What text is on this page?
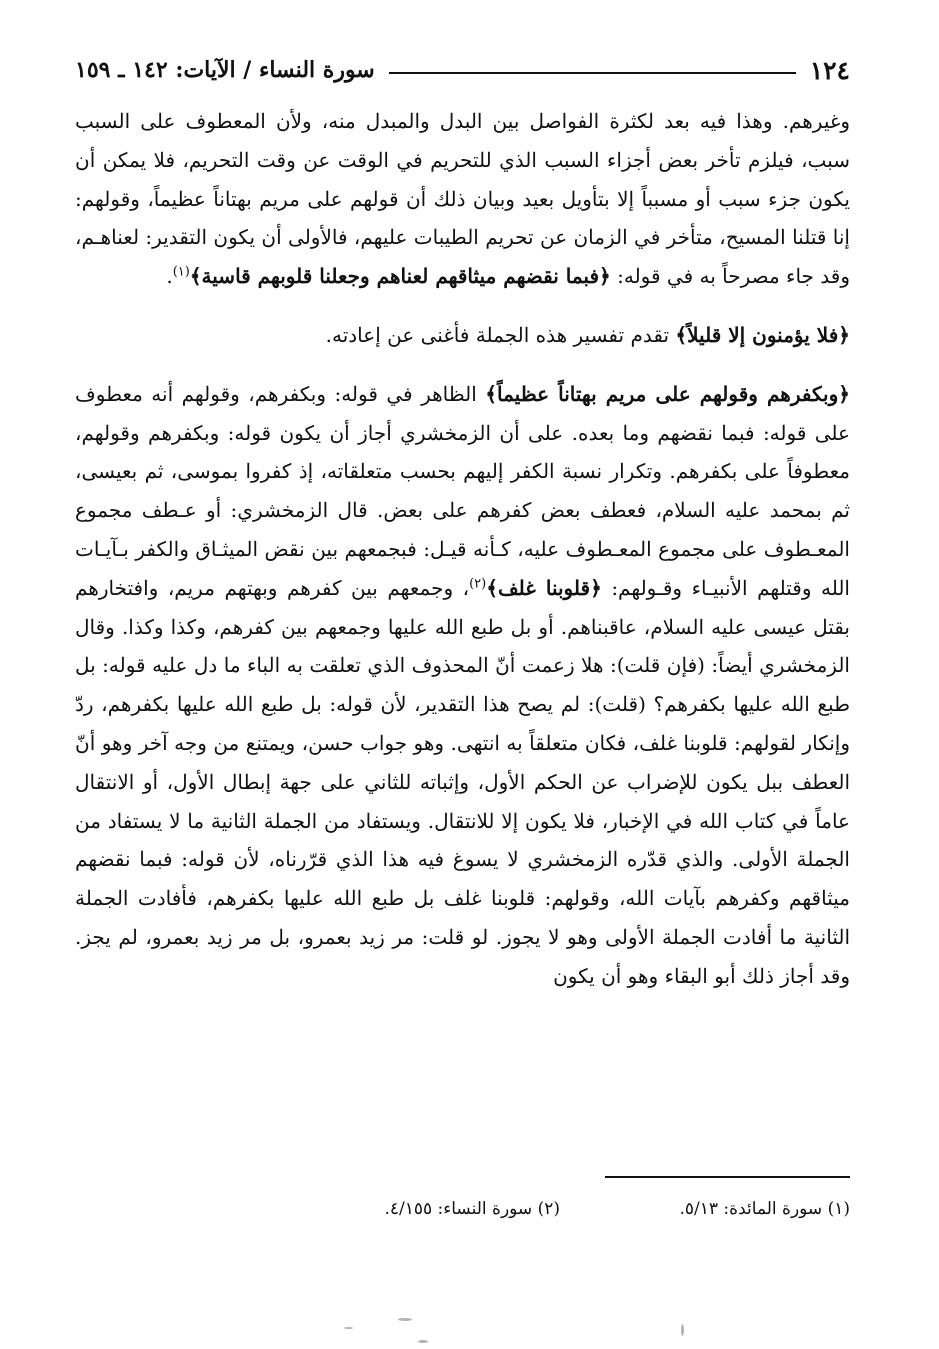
١٢٤
سورة النساء / الآيات: ١٤٢ ـ ١٥٩

وغيرهم. وهذا فيه بعد لكثرة الفواصل بين البدل والمبدل منه، ولأن المعطوف على السبب سبب، فيلزم تأخر بعض أجزاء السبب الذي للتحريم في الوقت عن وقت التحريم، فلا يمكن أن يكون جزء سبب أو مسبباً إلا بتأويل بعيد وبيان ذلك أن قولهم على مريم بهتاناً عظيماً، وقولهم: إنا قتلنا المسيح، متأخر في الزمان عن تحريم الطيبات عليهم، فالأولى أن يكون التقدير: لعناهـم، وقد جاء مصرحاً به في قوله: ﴿فبما نقضهم ميثاقهم لعناهم وجعلنا قلوبهم قاسية﴾$^{(١)}$.

﴿فلا يؤمنون إلا قليلاً﴾ تقدم تفسير هذه الجملة فأغنى عن إعادته.

﴿وبكفرهم وقولهم على مريم بهتاناً عظيماً﴾ الظاهر في قوله: وبكفرهم، وقولهم أنه معطوف على قوله: فبما نقضهم وما بعده. على أن الزمخشري أجاز أن يكون قوله: وبكفرهم وقولهم، معطوفاً على بكفرهم. وتكرار نسبة الكفر إليهم بحسب متعلقاته، إذ كفروا بموسى، ثم بعيسى، ثم بمحمد عليه السلام، فعطف بعض كفرهم على بعض. قال الزمخشري: أو عـطف مجموع المعـطوف على مجموع المعـطوف عليه، كـأنه قيـل: فبجمعهم بين نقض الميثـاق والكفر بـآيـات الله وقتلهم الأنبيـاء وقـولهم: ﴿قلوبنا غلف﴾$^{(٢)}$، وجمعهم بين كفرهم وبهتهم مريم، وافتخارهم بقتل عيسى عليه السلام، عاقبناهم. أو بل طبع الله عليها وجمعهم بين كفرهم، وكذا وكذا. وقال الزمخشري أيضاً: (فإن قلت): هلا زعمت أنّ المحذوف الذي تعلقت به الباء ما دل عليه قوله: بل طبع الله عليها بكفرهم؟ (قلت): لم يصح هذا التقدير، لأن قوله: بل طبع الله عليها بكفرهم، ردّ وإنكار لقولهم: قلوبنا غلف، فكان متعلقاً به انتهى. وهو جواب حسن، ويمتنع من وجه آخر وهو أنّ العطف ببل يكون للإضراب عن الحكم الأول، وإثباته للثاني على جهة إبطال الأول، أو الانتقال عاماً في كتاب الله في الإخبار، فلا يكون إلا للانتقال. ويستفاد من الجملة الثانية ما لا يستفاد من الجملة الأولى. والذي قدّره الزمخشري لا يسوغ فيه هذا الذي قرّرناه، لأن قوله: فبما نقضهم ميثاقهم وكفرهم بآيات الله، وقولهم: قلوبنا غلف بل طبع الله عليها بكفرهم، فأفادت الجملة الثانية ما أفادت الجملة الأولى وهو لا يجوز. لو قلت: مر زيد بعمرو، بل مر زيد بعمرو، لم يجز. وقد أجاز ذلك أبو البقاء وهو أن يكون

(١) سورة المائدة: ٥/١٣.
(٢) سورة النساء: ٤/١٥٥.
